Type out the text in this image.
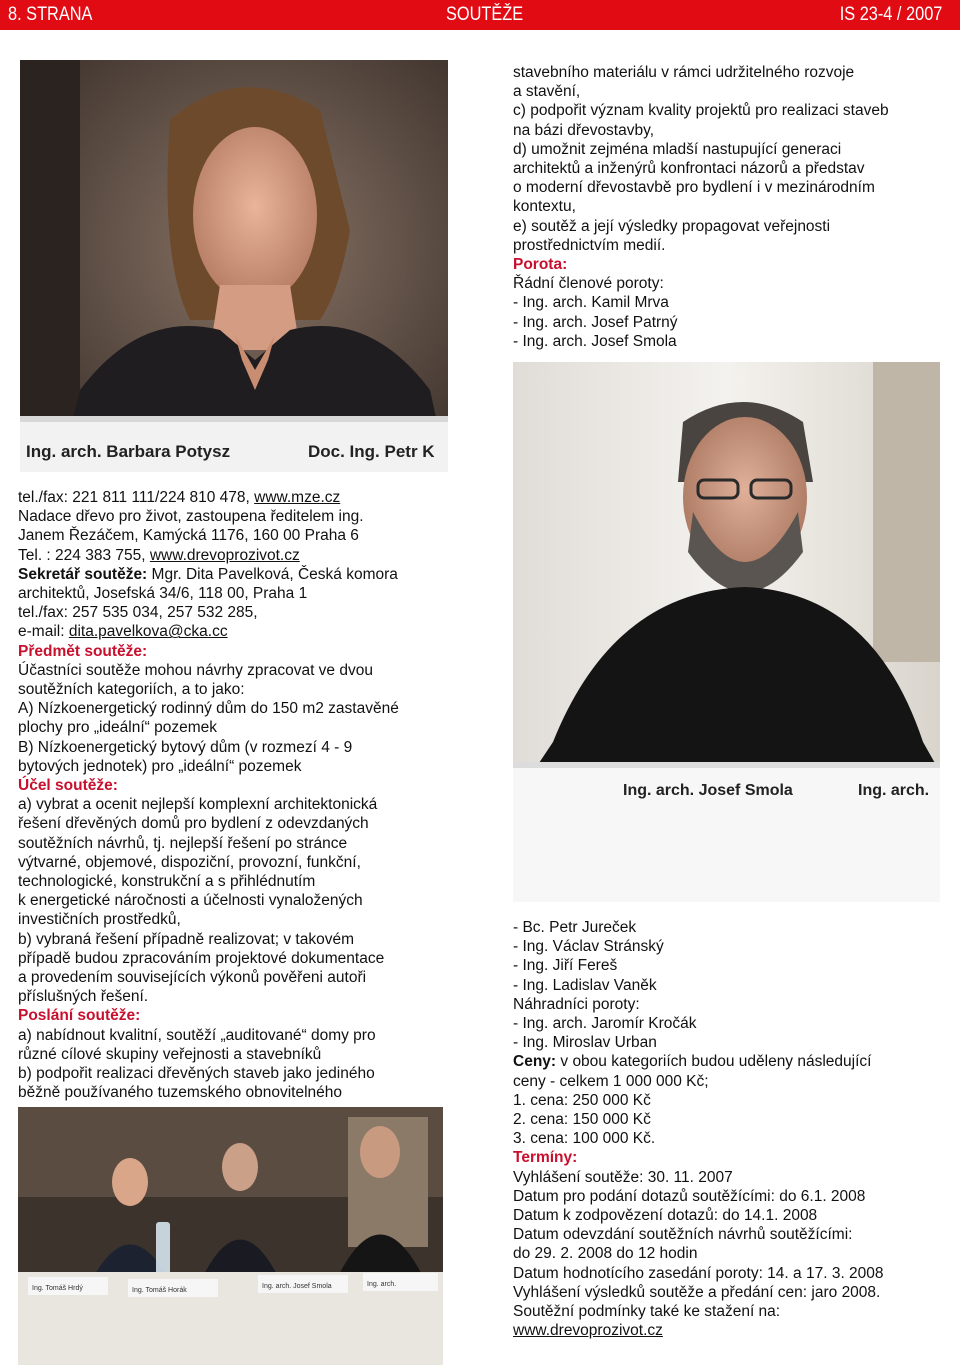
8. STRANA	SOUTĚŽE	IS 23-4 / 2007
Ing. arch. Barbara Potysz	Doc. Ing. Petr K
Ing. arch. Josef Smola	Ing. arch.
Ing. Tomáš Hrdý	Ing. Tomáš Horák
Ing. arch. Josef Smola	Ing. arch.

stavebního materiálu v rámci udržitelného rozvoje

a stavění,

c) podpořit význam kvality projektů pro realizaci staveb

na bázi dřevostavby,

d) umožnit zejména mladší nastupující generaci

architektů a inženýrů konfrontaci názorů a představ

o moderní dřevostavbě pro bydlení i v mezinárodním

kontextu,

e) soutěž a její výsledky propagovat veřejnosti

prostřednictvím medií.

Porota:

Řádní členové poroty:

- Ing. arch. Kamil Mrva

- Ing. arch. Josef Patrný

- Ing. arch. Josef Smola

tel./fax: 221 811 111/224 810 478, www.mze.cz

Nadace dřevo pro život, zastoupena ředitelem ing.

Janem Řezáčem, Kamýcká 1176, 160 00 Praha 6

Tel. : 224 383 755, www.drevoprozivot.cz

Sekretář soutěže: Mgr. Dita Pavelková, Česká komora

architektů, Josefská 34/6, 118 00, Praha 1

tel./fax: 257 535 034, 257 532 285,

e-mail: dita.pavelkova@cka.cc

Předmět soutěže:

Účastníci soutěže mohou návrhy zpracovat ve dvou

soutěžních kategoriích, a to jako:

A) Nízkoenergetický rodinný dům do 150 m2 zastavěné

plochy pro „ideální“ pozemek

B) Nízkoenergetický bytový dům (v rozmezí 4 - 9

bytových jednotek) pro „ideální“ pozemek

Účel soutěže:

a) vybrat a ocenit nejlepší komplexní architektonická

řešení dřevěných domů pro bydlení z odevzdaných

soutěžních návrhů, tj. nejlepší řešení po stránce

výtvarné, objemové, dispoziční, provozní, funkční,

technologické, konstrukční a s přihlédnutím

k energetické náročnosti a účelnosti vynaložených

investičních prostředků,

b) vybraná řešení případně realizovat; v takovém

případě budou zpracováním projektové dokumentace

a provedením souvisejících výkonů pověřeni autoři

příslušných řešení.

Poslání soutěže:

a) nabídnout kvalitní, soutěží „auditované“ domy pro

různé cílové skupiny veřejnosti a stavebníků

b) podpořit realizaci dřevěných staveb jako jediného

běžně používaného tuzemského obnovitelného

- Bc. Petr Jureček

- Ing. Václav Stránský

- Ing. Jiří Fereš

- Ing. Ladislav Vaněk

Náhradníci poroty:

- Ing. arch. Jaromír Kročák

- Ing. Miroslav Urban

Ceny: v obou kategoriích budou uděleny následující

ceny - celkem 1 000 000 Kč;

1. cena: 250 000 Kč

2. cena: 150 000 Kč

3. cena: 100 000 Kč.

Termíny:

Vyhlášení soutěže: 30. 11. 2007

Datum pro podání dotazů soutěžícími: do 6.1. 2008

Datum k zodpovězení dotazů: do 14.1. 2008

Datum odevzdání soutěžních návrhů soutěžícími:

do 29. 2. 2008 do 12 hodin

Datum hodnotícího zasedání poroty: 14. a 17. 3. 2008

Vyhlášení výsledků soutěže a předání cen: jaro 2008.

Soutěžní podmínky také ke stažení na:

www.drevoprozivot.cz
